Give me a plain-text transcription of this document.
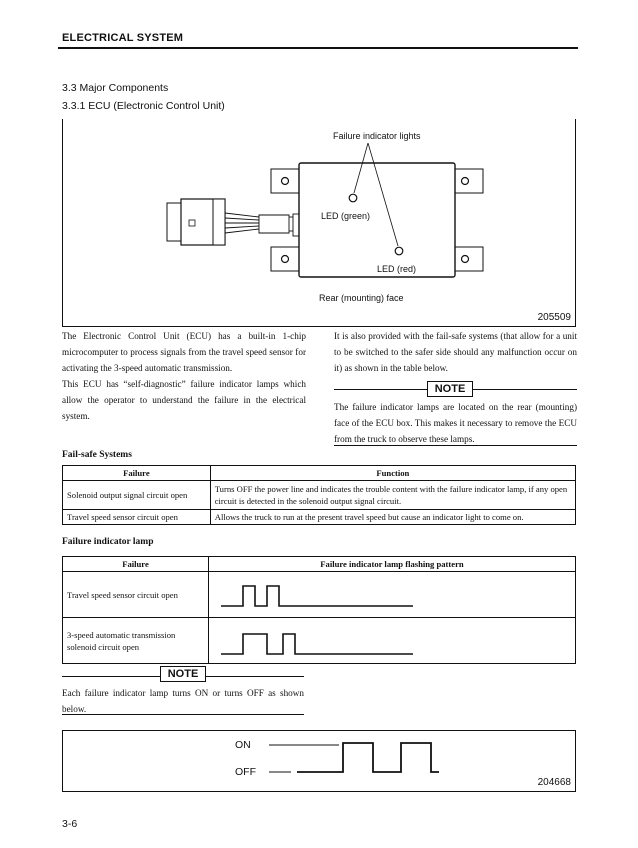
ELECTRICAL SYSTEM
3.3 Major Components
3.3.1 ECU (Electronic Control Unit)
Failure indicator lights
LED (green)
LED (red)
Rear (mounting) face
205509

The Electronic Control Unit (ECU) has a built-in 1-chip microcomputer to process signals from the travel speed sensor for activating the 3-speed automatic transmission.

This ECU has “self-diagnostic” failure indicator lamps which allow the operator to understand the failure in the electrical system.

It is also provided with the fail-safe systems (that allow for a unit to be switched to the safer side should any malfunction occur on it) as shown in the table below.
NOTE
The failure indicator lamps are located on the rear (mounting) face of the ECU box. This makes it necessary to remove the ECU from the truck to observe these lamps.
Fail-safe Systems
Failure	Function
Solenoid output signal circuit open	Turns OFF the power line and indicates the trouble content with the failure indicator lamp, if any open circuit is detected in the solenoid output signal circuit.
Travel speed sensor circuit open	Allows the truck to run at the present travel speed but cause an indicator light to come on.
Failure indicator lamp
Failure	Failure indicator lamp flashing pattern
Travel speed sensor circuit open	

3-speed automatic transmission solenoid circuit open	
NOTE
Each failure indicator lamp turns ON or turns OFF as shown below.
ON
OFF
204668
3-6
